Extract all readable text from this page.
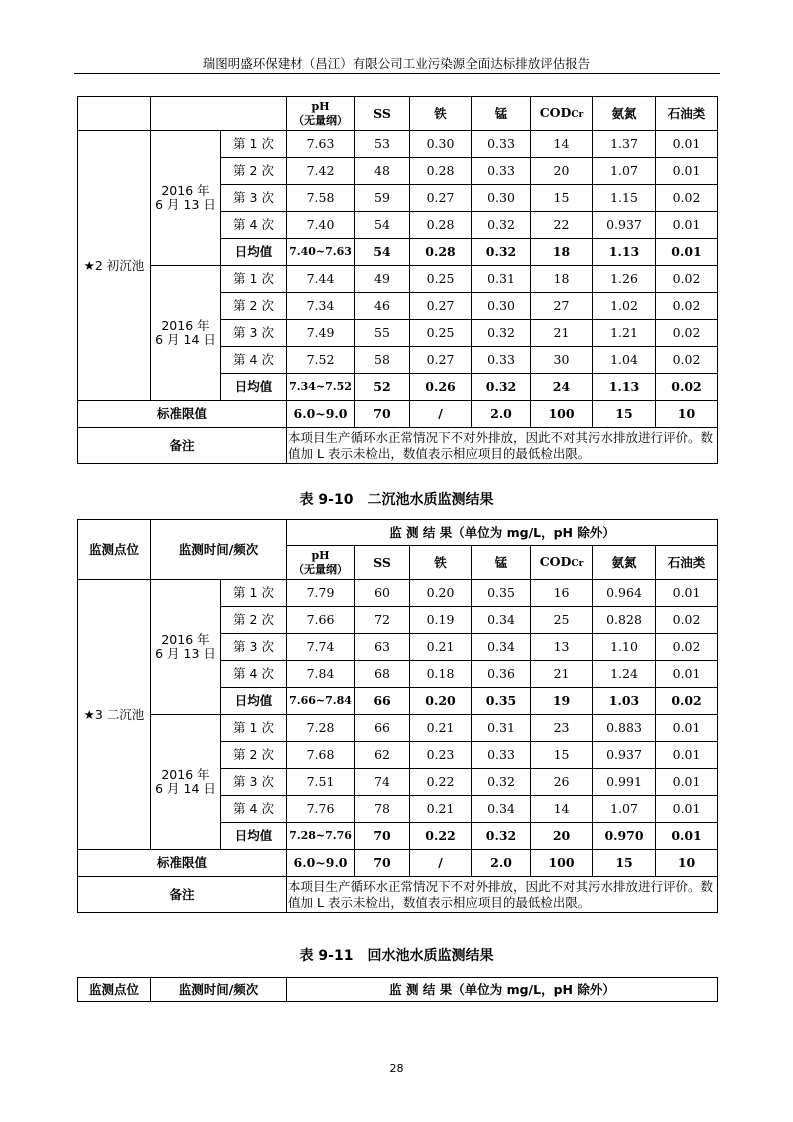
瑞图明盛环保建材（昌江）有限公司工业污染源全面达标排放评估报告
			pH
（无量纲）	SS	铁	锰	CODCr	氨氮	石油类
★2 初沉池	2016 年
6 月 13 日	第 1 次	7.63	53	0.30	0.33	14	1.37	0.01
		第 2 次	7.42	48	0.28	0.33	20	1.07	0.01
		第 3 次	7.58	59	0.27	0.30	15	1.15	0.02
		第 4 次	7.40	54	0.28	0.32	22	0.937	0.01
		日均值	7.40~7.63	54	0.28	0.32	18	1.13	0.01
	2016 年
6 月 14 日	第 1 次	7.44	49	0.25	0.31	18	1.26	0.02
		第 2 次	7.34	46	0.27	0.30	27	1.02	0.02
		第 3 次	7.49	55	0.25	0.32	21	1.21	0.02
		第 4 次	7.52	58	0.27	0.33	30	1.04	0.02
		日均值	7.34~7.52	52	0.26	0.32	24	1.13	0.02
标准限值			6.0~9.0	70	/	2.0	100	15	10
备注			本项目生产循环水正常情况下不对外排放，因此不对其污水排放进行评价。数值加 L 表示未检出，数值表示相应项目的最低检出限。						
表 9-10　二沉池水质监测结果
监测点位	监测时间/频次		监 测 结 果（单位为 mg/L，pH 除外）						
			pH
（无量纲）	SS	铁	锰	CODCr	氨氮	石油类
★3 二沉池	2016 年
6 月 13 日	第 1 次	7.79	60	0.20	0.35	16	0.964	0.01
		第 2 次	7.66	72	0.19	0.34	25	0.828	0.02
		第 3 次	7.74	63	0.21	0.34	13	1.10	0.02
		第 4 次	7.84	68	0.18	0.36	21	1.24	0.01
		日均值	7.66~7.84	66	0.20	0.35	19	1.03	0.02
	2016 年
6 月 14 日	第 1 次	7.28	66	0.21	0.31	23	0.883	0.01
		第 2 次	7.68	62	0.23	0.33	15	0.937	0.01
		第 3 次	7.51	74	0.22	0.32	26	0.991	0.01
		第 4 次	7.76	78	0.21	0.34	14	1.07	0.01
		日均值	7.28~7.76	70	0.22	0.32	20	0.970	0.01
标准限值			6.0~9.0	70	/	2.0	100	15	10
备注			本项目生产循环水正常情况下不对外排放，因此不对其污水排放进行评价。数值加 L 表示未检出，数值表示相应项目的最低检出限。						
表 9-11　回水池水质监测结果
监测点位	监测时间/频次	监 测 结 果（单位为 mg/L，pH 除外）
28
